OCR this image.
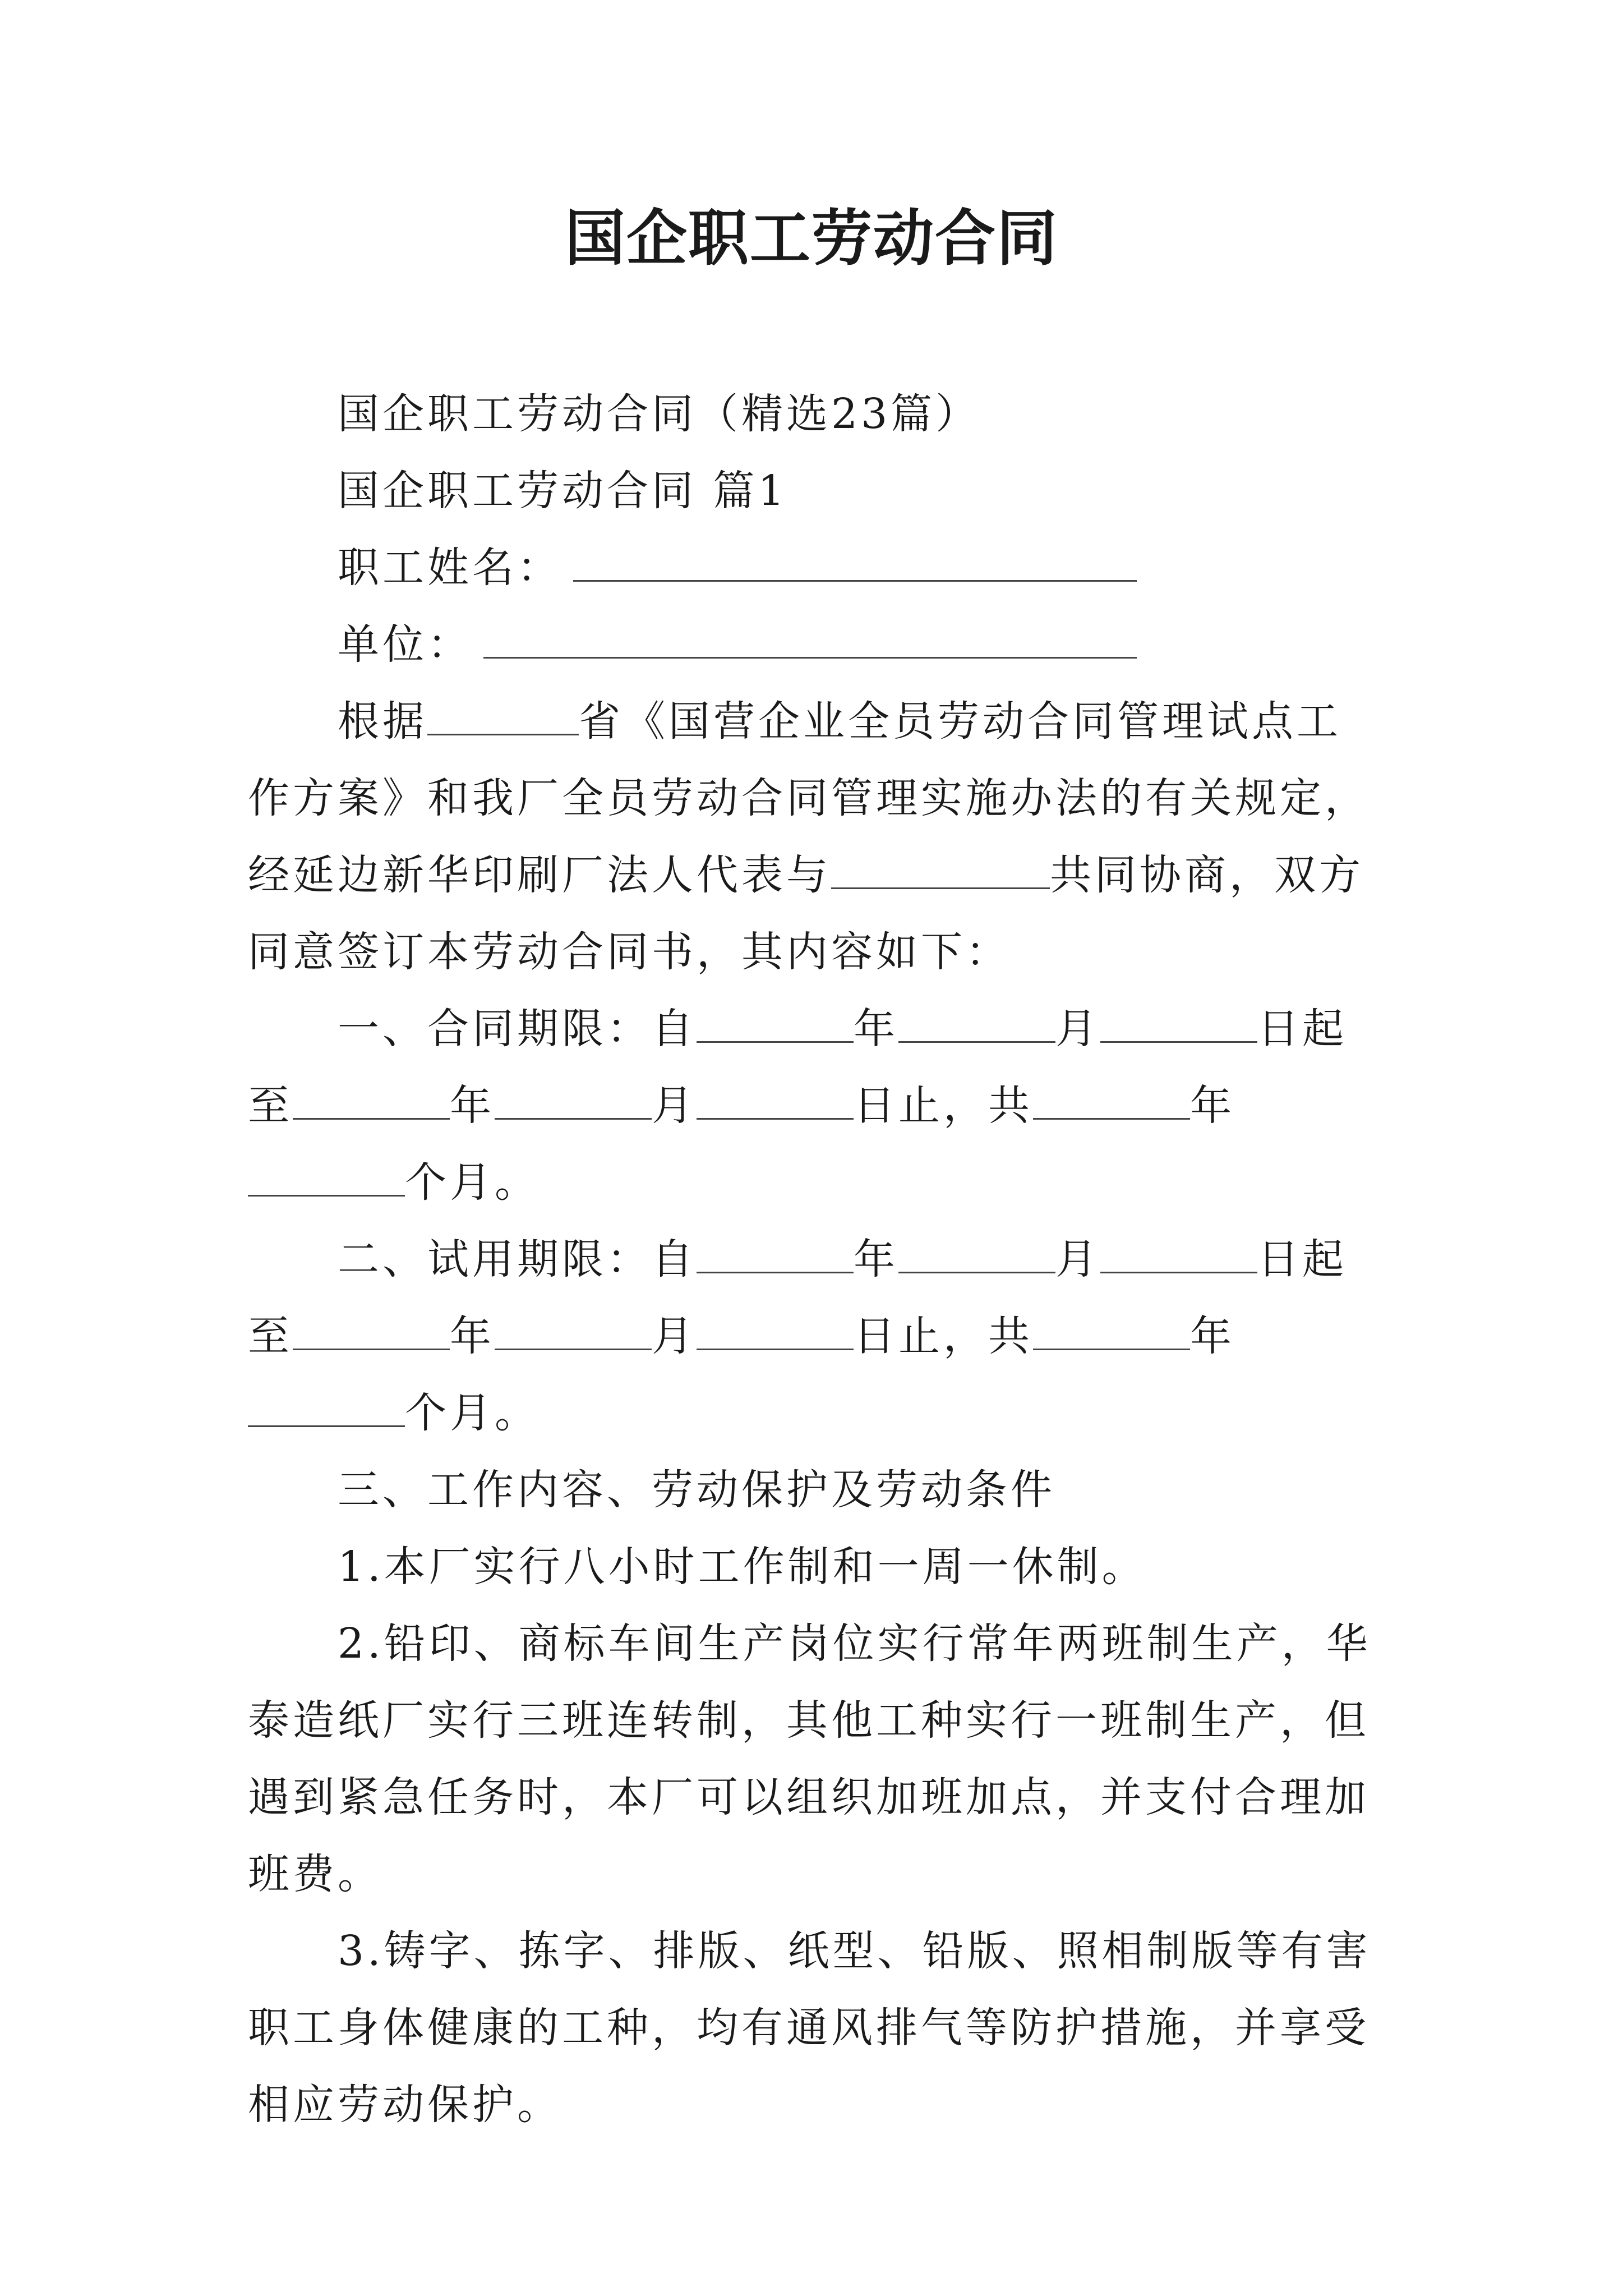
国企职工劳动合同

国企职工劳动合同（精选23篇）

国企职工劳动合同 篇1

职工姓名：

单位：

根据	省《国营企业全员劳动合同管理试点工作方案》和我厂全员劳动合同管理实施办法的有关规定，经延边新华印刷厂法人代表与	共同协商，双方同意签订本劳动合同书，其内容如下：

一、合同期限：自	年	月	日起至	年	月	日止，共	年个月。

二、试用期限：自	年	月	日起至	年	月	日止，共	年个月。

三、工作内容、劳动保护及劳动条件

1.本厂实行八小时工作制和一周一休制。

2.铅印、商标车间生产岗位实行常年两班制生产，华泰造纸厂实行三班连转制，其他工种实行一班制生产，但遇到紧急任务时，本厂可以组织加班加点，并支付合理加班费。

3.铸字、拣字、排版、纸型、铅版、照相制版等有害职工身体健康的工种，均有通风排气等防护措施，并享受相应劳动保护。
